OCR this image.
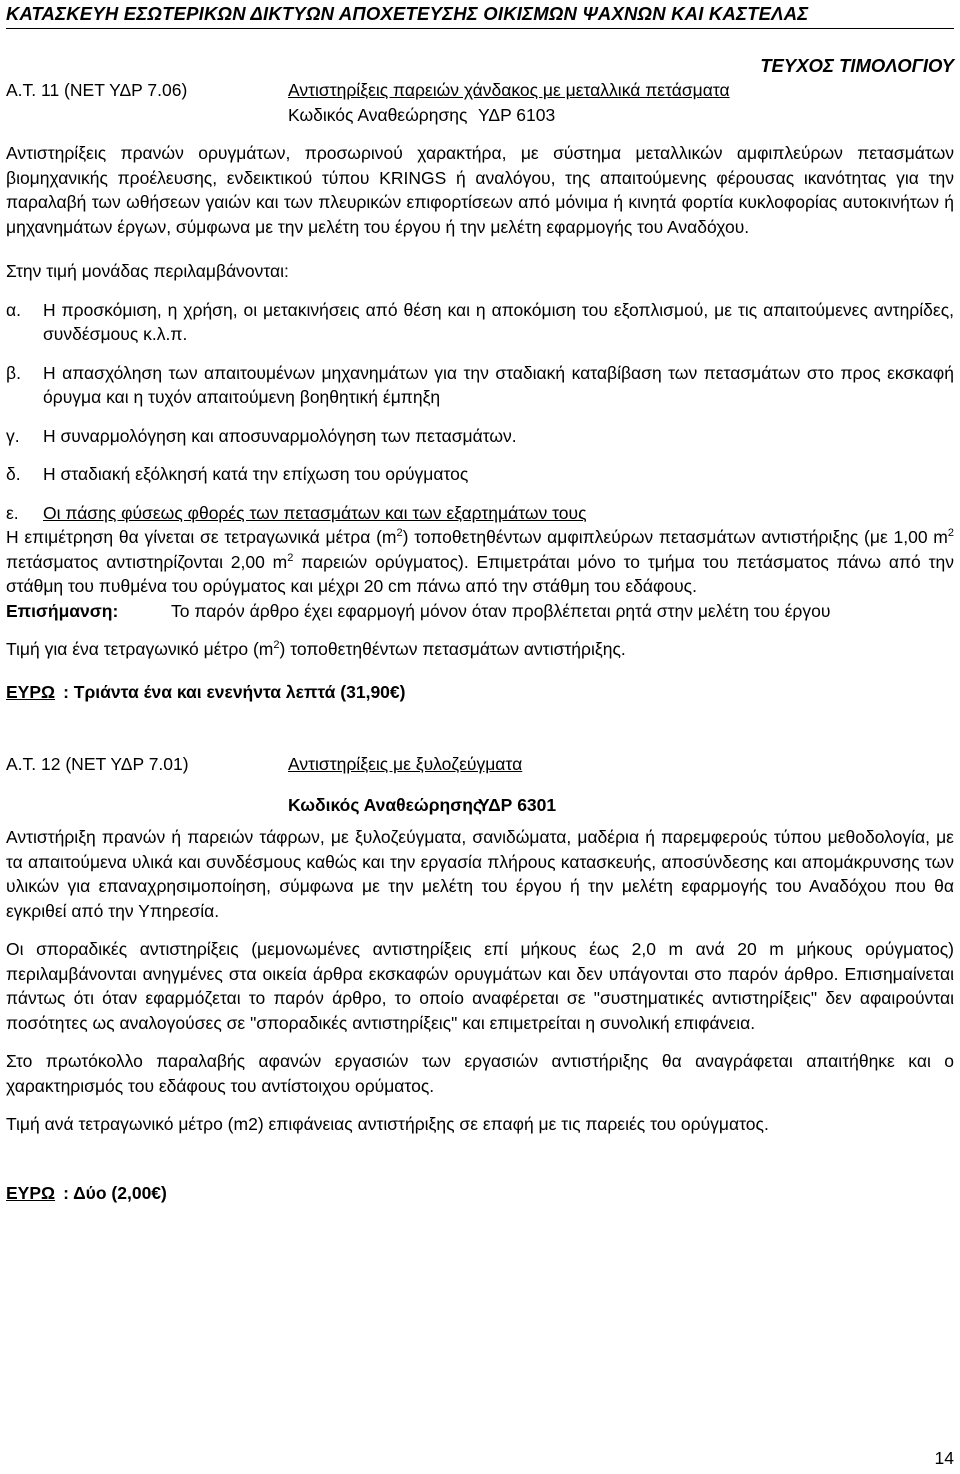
ΚΑΤΑΣΚΕΥΗ ΕΣΩΤΕΡΙΚΩΝ ΔΙΚΤΥΩΝ ΑΠΟΧΕΤΕΥΣΗΣ ΟΙΚΙΣΜΩΝ ΨΑΧΝΩΝ ΚΑΙ ΚΑΣΤΕΛΑΣ
ΤΕΥΧΟΣ ΤΙΜΟΛΟΓΙΟΥ
Α.Τ. 11 (ΝΕΤ ΥΔΡ 7.06)	Αντιστηρίξεις παρειών χάνδακος με μεταλλικά πετάσματα
Κωδικός Αναθεώρησης ΥΔΡ 6103

Αντιστηρίξεις πρανών ορυγμάτων, προσωρινού χαρακτήρα, με σύστημα μεταλλικών αμφιπλεύρων πετασμάτων βιομηχανικής προέλευσης, ενδεικτικού τύπου KRINGS ή αναλόγου, της απαιτούμενης φέρουσας ικανότητας για την παραλαβή των ωθήσεων γαιών και των πλευρικών επιφορτίσεων από μόνιμα ή κινητά φορτία κυκλοφορίας αυτοκινήτων ή μηχανημάτων έργων, σύμφωνα με την μελέτη του έργου ή την μελέτη εφαρμογής του Αναδόχου.

Στην τιμή μονάδας περιλαμβάνονται:

α.	Η προσκόμιση, η χρήση, οι μετακινήσεις από θέση και η αποκόμιση του εξοπλισμού, με τις απαιτούμενες αντηρίδες, συνδέσμους κ.λ.π.
β.	Η απασχόληση των απαιτουμένων μηχανημάτων για την σταδιακή καταβίβαση των πετασμάτων στο προς εκσκαφή όρυγμα και η τυχόν απαιτούμενη βοηθητική έμπηξη
γ.	Η συναρμολόγηση και αποσυναρμολόγηση των πετασμάτων.
δ.	Η σταδιακή εξόλκησή κατά την επίχωση του ορύγματος
ε.	Οι πάσης φύσεως φθορές των πετασμάτων και των εξαρτημάτων τους

Η επιμέτρηση θα γίνεται σε τετραγωνικά μέτρα $(m^2)$ τοποθετηθέντων αμφιπλεύρων πετασμάτων αντιστήριξης (με 1,00 $m^2$ πετάσματος αντιστηρίζονται 2,00 $m^2$ παρειών ορύγματος). Επιμετράται μόνο το τμήμα του πετάσματος πάνω από την στάθμη του πυθμένα του ορύγματος και μέχρι 20 cm πάνω από την στάθμη του εδάφους.

Επισήμανση:	Το παρόν άρθρο έχει εφαρμογή μόνον όταν προβλέπεται ρητά στην μελέτη του έργου

Τιμή για ένα τετραγωνικό μέτρο $(m^2)$ τοποθετηθέντων πετασμάτων αντιστήριξης.

ΕΥΡΩ : Τριάντα ένα και ενενήντα λεπτά (31,90€)
Α.Τ. 12 (ΝΕΤ ΥΔΡ 7.01)	Αντιστηρίξεις με ξυλοζεύγματα
Κωδικός Αναθεώρησης
ΥΔΡ 6301

Αντιστήριξη πρανών ή παρειών τάφρων, με ξυλοζεύγματα, σανιδώματα, μαδέρια ή παρεμφερούς τύπου μεθοδολογία, με τα απαιτούμενα υλικά και συνδέσμους καθώς και την εργασία πλήρους κατασκευής, αποσύνδεσης και απομάκρυνσης των υλικών για επαναχρησιμοποίηση, σύμφωνα με την μελέτη του έργου ή την μελέτη εφαρμογής του Αναδόχου που θα εγκριθεί από την Υπηρεσία.

Οι σποραδικές αντιστηρίξεις (μεμονωμένες αντιστηρίξεις επί μήκους έως 2,0 m ανά 20 m μήκους ορύγματος) περιλαμβάνονται ανηγμένες στα οικεία άρθρα εκσκαφών ορυγμάτων και δεν υπάγονται στο παρόν άρθρο. Επισημαίνεται πάντως ότι όταν εφαρμόζεται το παρόν άρθρο, το οποίο αναφέρεται σε "συστηματικές αντιστηρίξεις" δεν αφαιρούνται ποσότητες ως αναλογούσες σε "σποραδικές αντιστηρίξεις" και επιμετρείται η συνολική επιφάνεια.

Στο πρωτόκολλο παραλαβής αφανών εργασιών των εργασιών αντιστήριξης θα αναγράφεται απαιτήθηκε και ο χαρακτηρισμός του εδάφους του αντίστοιχου ορύματος.

Τιμή ανά τετραγωνικό μέτρο (m2) επιφάνειας αντιστήριξης σε επαφή με τις παρειές του ορύγματος.

ΕΥΡΩ : Δύο (2,00€)
14
